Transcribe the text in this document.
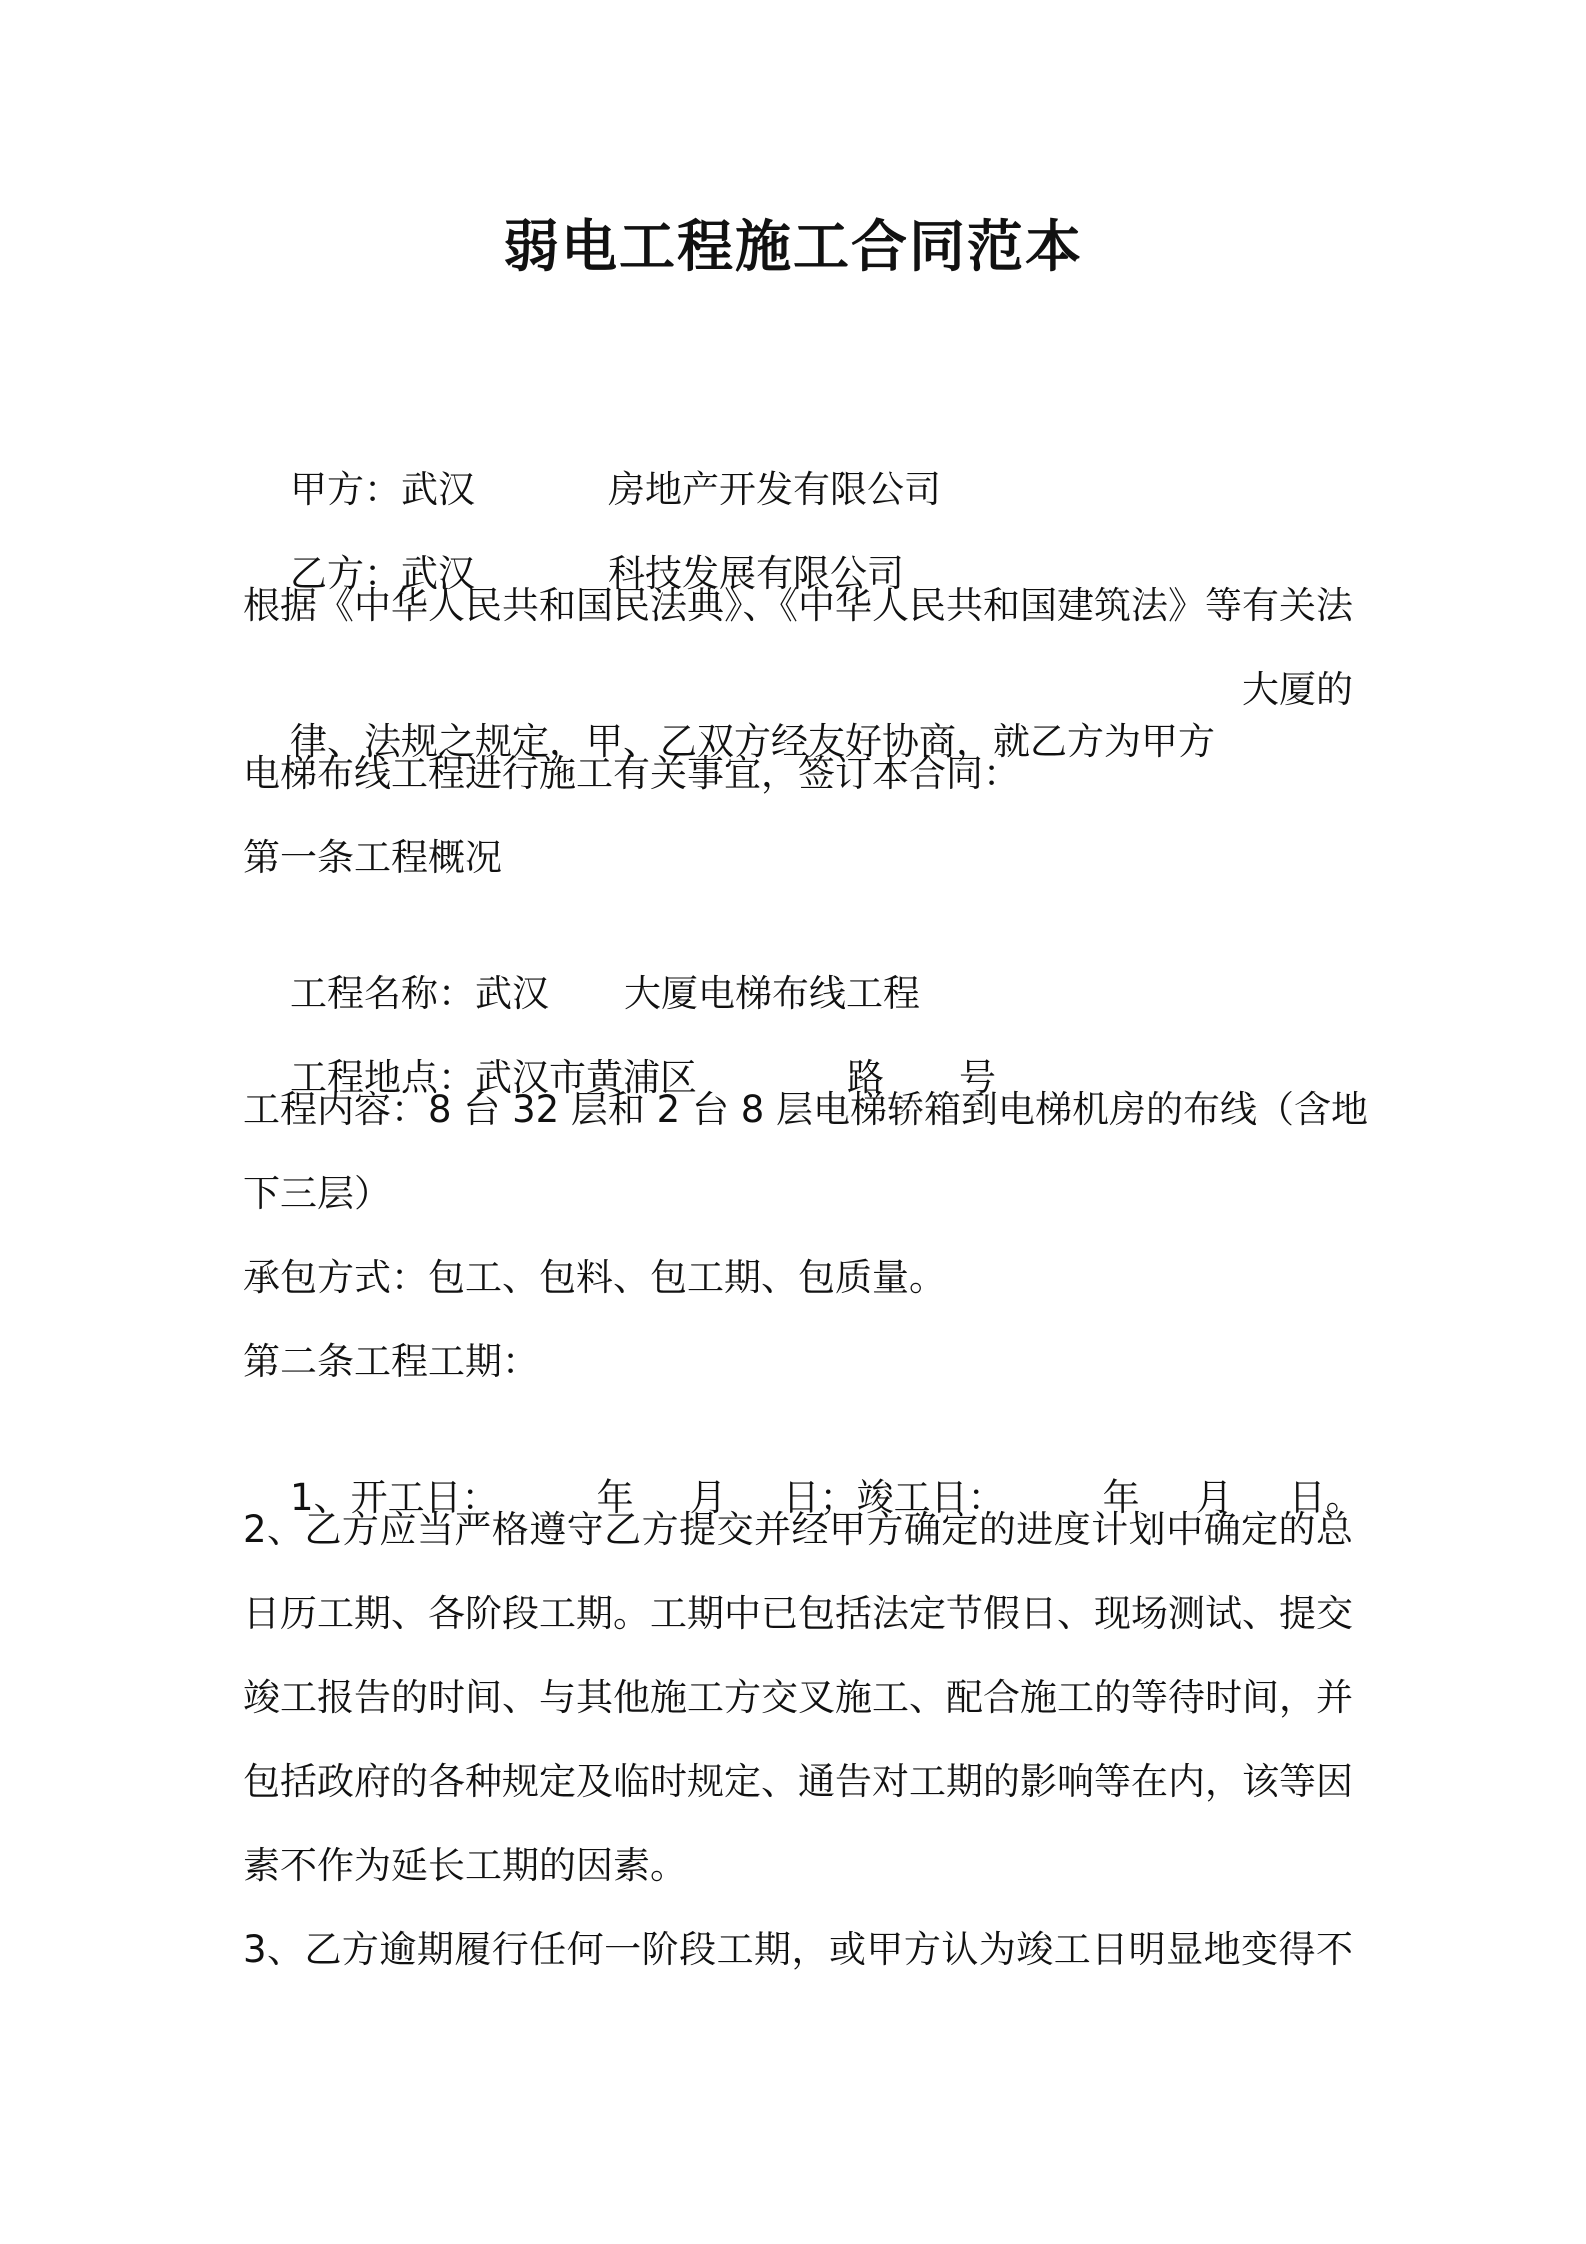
弱电工程施工合同范本

甲方：武汉	房地产开发有限公司

乙方：武汉	科技发展有限公司

根据《中华人民共和国民法典》、《中华人民共和国建筑法》等有关法

律、法规之规定，甲、乙双方经友好协商，就乙方为甲方
大厦的

电梯布线工程进行施工有关事宜，签订本合同：
第一条工程概况

工程名称：武汉 大厦电梯布线工程

工程地点：武汉市黄浦区	路 号

工程内容：8 台 32 层和 2 台 8 层电梯轿箱到电梯机房的布线（含地
下三层）
承包方式：包工、包料、包工期、包质量。
第二条工程工期：

1、开工日：	年 月 日；竣工日：	年 月 日。

2、乙方应当严格遵守乙方提交并经甲方确定的进度计划中确定的总
日历工期、各阶段工期。工期中已包括法定节假日、现场测试、提交
竣工报告的时间、与其他施工方交叉施工、配合施工的等待时间，并
包括政府的各种规定及临时规定、通告对工期的影响等在内，该等因
素不作为延长工期的因素。
3、乙方逾期履行任何一阶段工期，或甲方认为竣工日明显地变得不
